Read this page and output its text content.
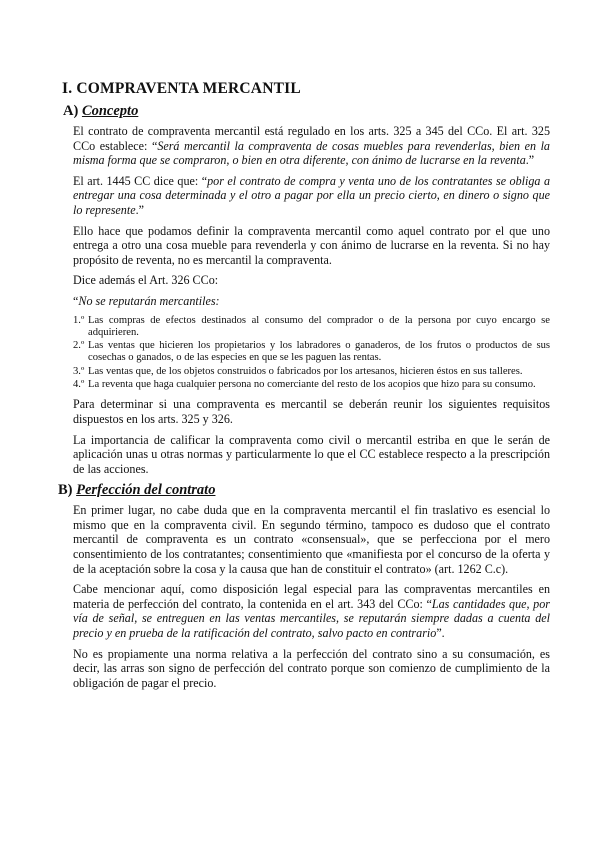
I. COMPRAVENTA MERCANTIL
A) Concepto

El contrato de compraventa mercantil está regulado en los arts. 325 a 345 del CCo. El art. 325 CCo establece: “Será mercantil la compraventa de cosas muebles para revenderlas, bien en la misma forma que se compraron, o bien en otra diferente, con ánimo de lucrarse en la reventa.”

El art. 1445 CC dice que: “por el contrato de compra y venta uno de los contratantes se obliga a entregar una cosa determinada y el otro a pagar por ella un precio cierto, en dinero o signo que lo represente.”

Ello hace que podamos definir la compraventa mercantil como aquel contrato por el que uno entrega a otro una cosa mueble para revenderla y con ánimo de lucrarse en la reventa. Si no hay propósito de reventa, no es mercantil la compraventa.

Dice además el Art. 326 CCo:

“No se reputarán mercantiles:

1.º Las compras de efectos destinados al consumo del comprador o de la persona por cuyo encargo se adquirieren.
2.º Las ventas que hicieren los propietarios y los labradores o ganaderos, de los frutos o productos de sus cosechas o ganados, o de las especies en que se les paguen las rentas.
3.º Las ventas que, de los objetos construidos o fabricados por los artesanos, hicieren éstos en sus talleres.
4.º La reventa que haga cualquier persona no comerciante del resto de los acopios que hizo para su consumo.

Para determinar si una compraventa es mercantil se deberán reunir los siguientes requisitos dispuestos en los arts. 325 y 326.

La importancia de calificar la compraventa como civil o mercantil estriba en que le serán de aplicación unas u otras normas y particularmente lo que el CC establece respecto a la prescripción de las acciones.

B) Perfección del contrato

En primer lugar, no cabe duda que en la compraventa mercantil el fin traslativo es esencial lo mismo que en la compraventa civil. En segundo término, tampoco es dudoso que el contrato mercantil de compraventa es un contrato «consensual», que se perfecciona por el mero consentimiento de los contratantes; consentimiento que «manifiesta por el concurso de la oferta y de la aceptación sobre la cosa y la causa que han de constituir el contrato» (art. 1262 C.c).

Cabe mencionar aquí, como disposición legal especial para las compraventas mercantiles en materia de perfección del contrato, la contenida en el art. 343 del CCo: “Las cantidades que, por vía de señal, se entreguen en las ventas mercantiles, se reputarán siempre dadas a cuenta del precio y en prueba de la ratificación del contrato, salvo pacto en contrario”.

No es propiamente una norma relativa a la perfección del contrato sino a su consumación, es decir, las arras son signo de perfección del contrato porque son comienzo de cumplimiento de la obligación de pagar el precio.
